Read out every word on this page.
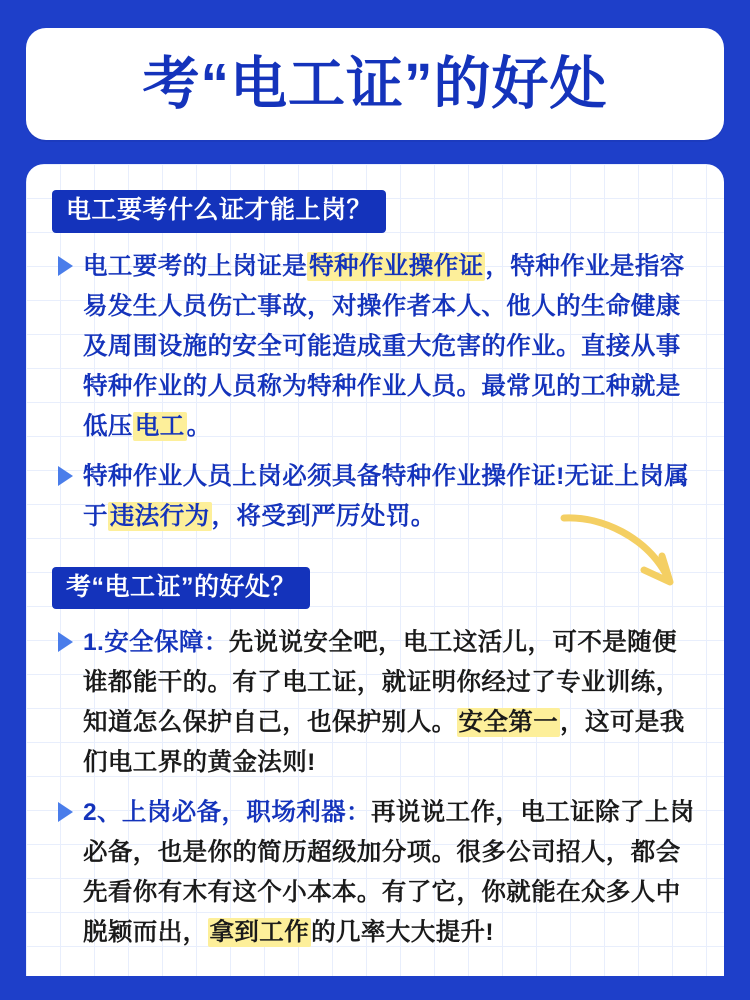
考“电工证”的好处
电工要考什么证才能上岗？
电工要考的上岗证是特种作业操作证，特种作业是指容易发生人员伤亡事故，对操作者本人、他人的生命健康及周围设施的安全可能造成重大危害的作业。直接从事特种作业的人员称为特种作业人员。最常见的工种就是低压电工。
特种作业人员上岗必须具备特种作业操作证!无证上岗属于违法行为，将受到严厉处罚。
考“电工证”的好处？
1.安全保障：先说说安全吧，电工这活儿，可不是随便谁都能干的。有了电工证，就证明你经过了专业训练，知道怎么保护自己，也保护别人。安全第一，这可是我们电工界的黄金法则!
2、上岗必备，职场利器：再说说工作，电工证除了上岗必备，也是你的简历超级加分项。很多公司招人，都会先看你有木有这个小本本。有了它，你就能在众多人中脱颖而出，拿到工作的几率大大提升!
